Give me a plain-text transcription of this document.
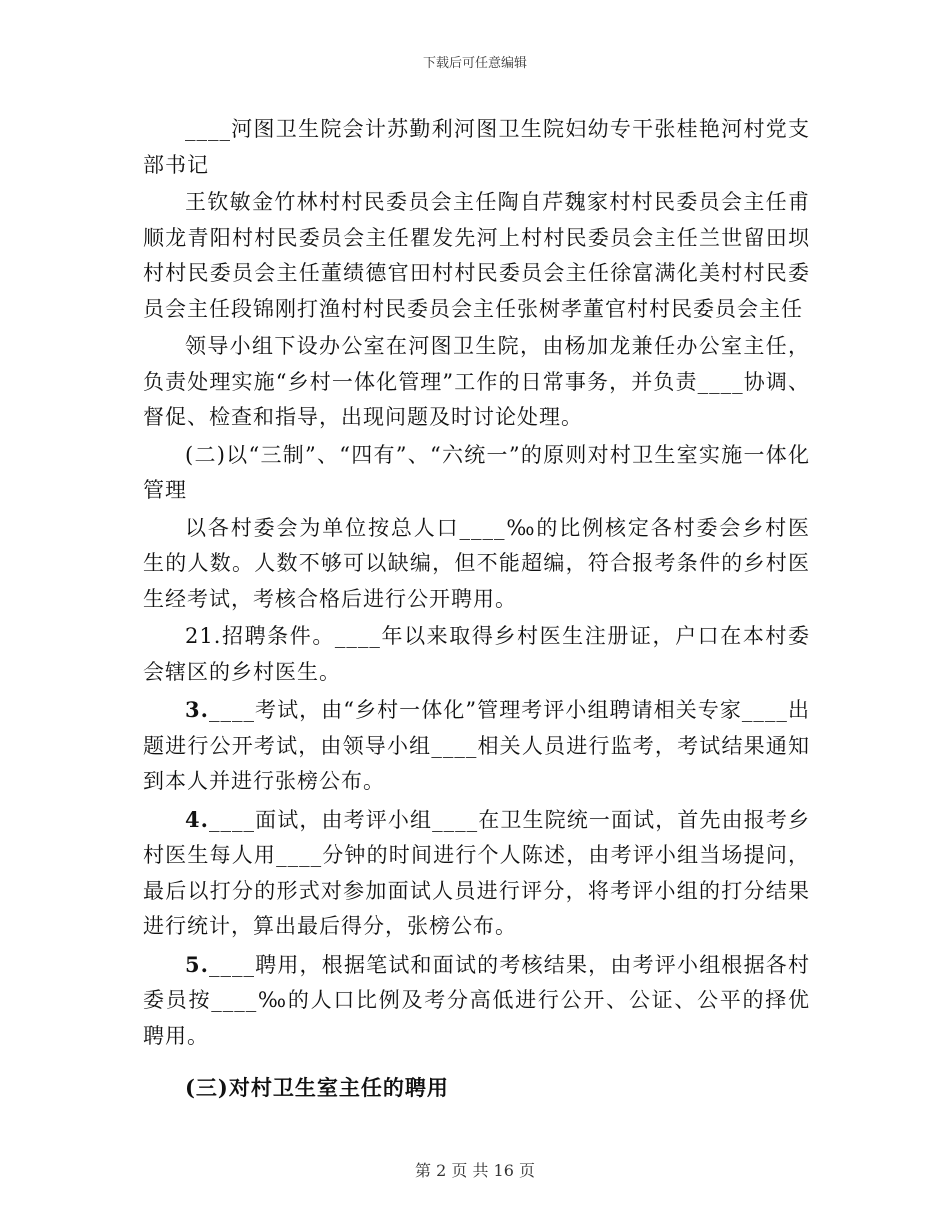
下载后可任意编辑

____河图卫生院会计苏勤利河图卫生院妇幼专干张桂艳河村党支部书记

王钦敏金竹林村村民委员会主任陶自芹魏家村村民委员会主任甫顺龙青阳村村民委员会主任瞿发先河上村村民委员会主任兰世留田坝村村民委员会主任董绩德官田村村民委员会主任徐富满化美村村民委员会主任段锦刚打渔村村民委员会主任张树孝董官村村民委员会主任

领导小组下设办公室在河图卫生院，由杨加龙兼任办公室主任，负责处理实施“乡村一体化管理”工作的日常事务，并负责____协调、督促、检查和指导，出现问题及时讨论处理。

(二)以“三制”、“四有”、“六统一”的原则对村卫生室实施一体化管理

以各村委会为单位按总人口____‰的比例核定各村委会乡村医生的人数。人数不够可以缺编，但不能超编，符合报考条件的乡村医生经考试，考核合格后进行公开聘用。

21.招聘条件。____年以来取得乡村医生注册证，户口在本村委会辖区的乡村医生。

3.____考试，由“乡村一体化”管理考评小组聘请相关专家____出题进行公开考试，由领导小组____相关人员进行监考，考试结果通知到本人并进行张榜公布。

4.____面试，由考评小组____在卫生院统一面试，首先由报考乡村医生每人用____分钟的时间进行个人陈述，由考评小组当场提问，最后以打分的形式对参加面试人员进行评分，将考评小组的打分结果进行统计，算出最后得分，张榜公布。

5.____聘用，根据笔试和面试的考核结果，由考评小组根据各村委员按____‰的人口比例及考分高低进行公开、公证、公平的择优聘用。

(三)对村卫生室主任的聘用

第 2 页 共 16 页
